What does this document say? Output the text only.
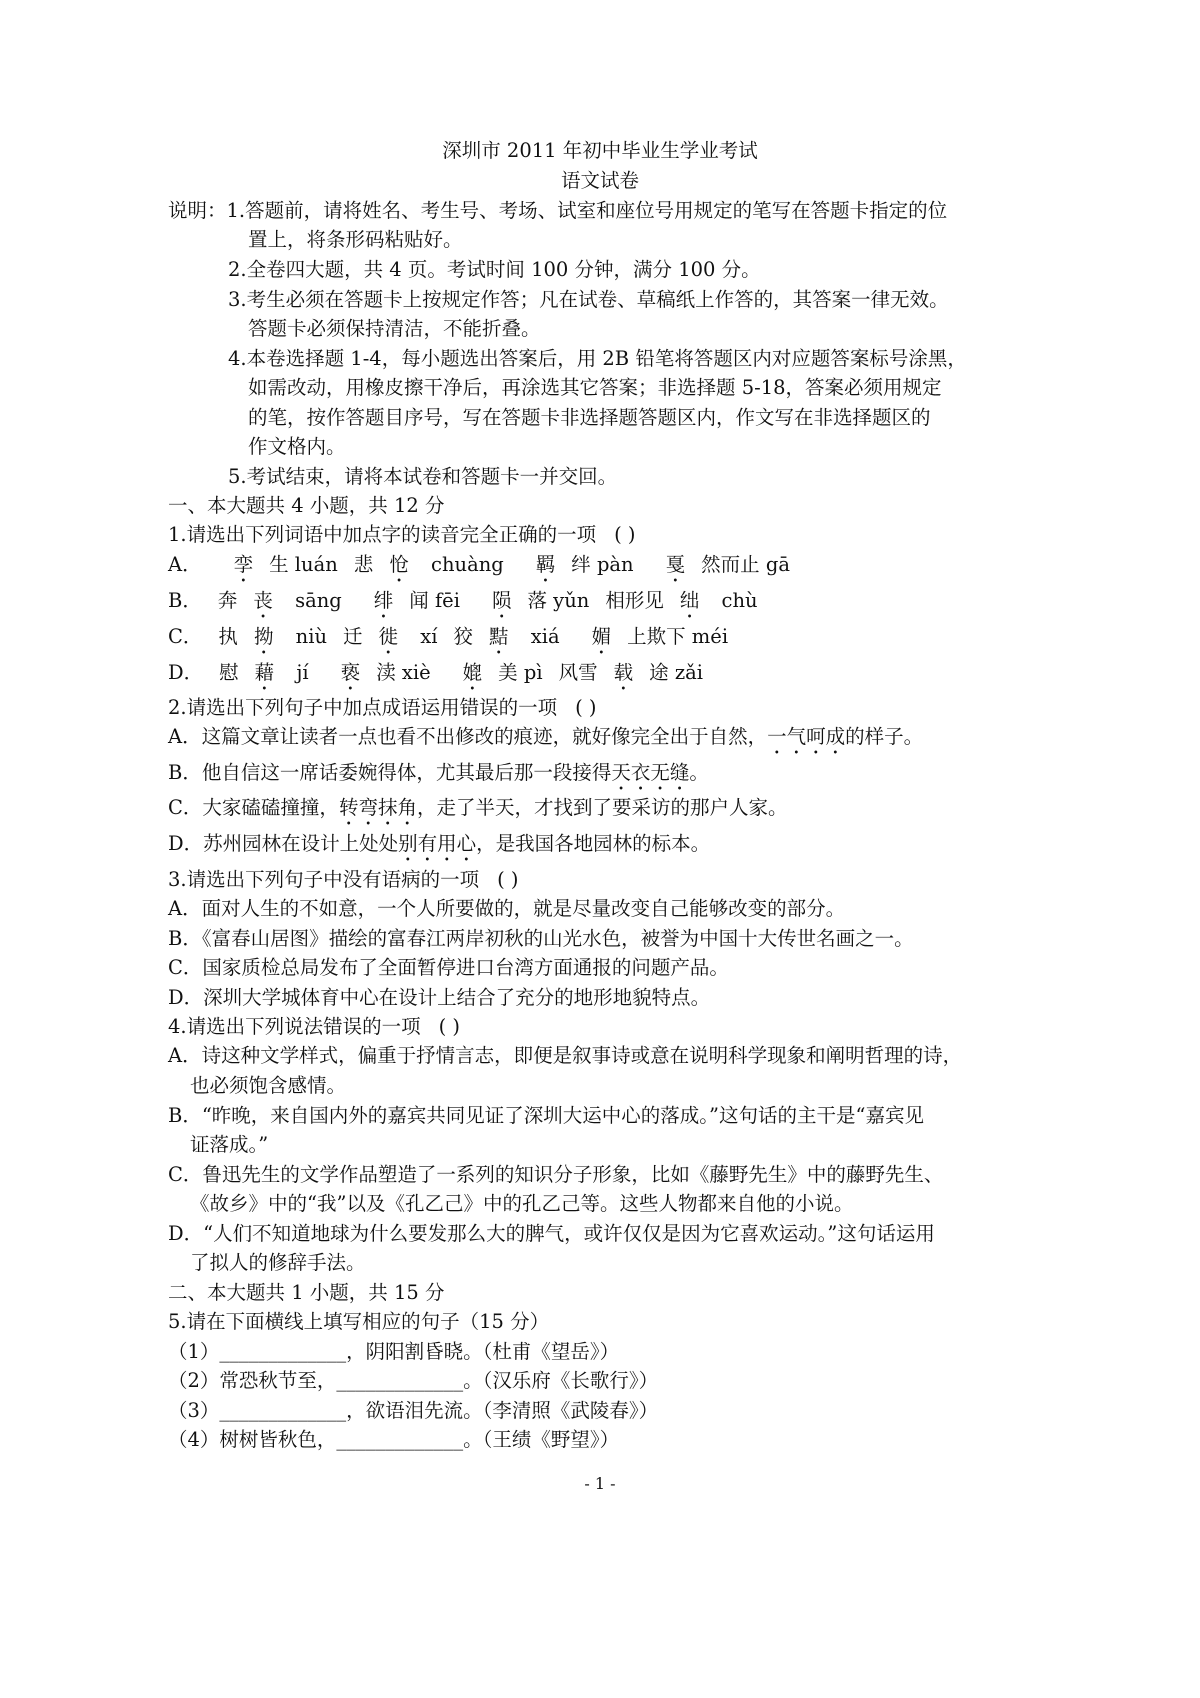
深圳市 2011 年初中毕业生学业考试
语文试卷
说明：1.答题前，请将姓名、考生号、考场、试室和座位号用规定的笔写在答题卡指定的位
置上，将条形码粘贴好。
2.全卷四大题，共 4 页。考试时间 100 分钟，满分 100 分。
3.考生必须在答题卡上按规定作答；凡在试卷、草稿纸上作答的，其答案一律无效。
答题卡必须保持清洁，不能折叠。
4.本卷选择题 1-4，每小题选出答案后，用 2B 铅笔将答题区内对应题答案标号涂黑，
如需改动，用橡皮擦干净后，再涂选其它答案；非选择题 5-18，答案必须用规定
的笔，按作答题目序号，写在答题卡非选择题答题区内，作文写在非选择题区的
作文格内。
5.考试结束，请将本试卷和答题卡一并交回。
一、本大题共 4 小题，共 12 分
1.请选出下列词语中加点字的读音完全正确的一项 ( )
A． 孪 生 luán 悲 怆 chuàng 羁 绊 pàn 戛 然而止 gā
B． 奔 丧 sāng 绯 闻 fēi 陨 落 yǔn 相形见 绌 chù
C． 执 拗 niù 迁 徙 xí 狡 黠 xiá 媚 上欺下 méi
D． 慰 藉 jí 亵 渎 xiè 媲 美 pì 风雪 载 途 zǎi
2.请选出下列句子中加点成语运用错误的一项 ( )
A．这篇文章让读者一点也看不出修改的痕迹，就好像完全出于自然，一气呵成的样子。
B．他自信这一席话委婉得体，尤其最后那一段接得天衣无缝。
C．大家磕磕撞撞，转弯抹角，走了半天，才找到了要采访的那户人家。
D．苏州园林在设计上处处别有用心，是我国各地园林的标本。
3.请选出下列句子中没有语病的一项 ( )
A．面对人生的不如意，一个人所要做的，就是尽量改变自己能够改变的部分。
B．《富春山居图》描绘的富春江两岸初秋的山光水色，被誉为中国十大传世名画之一。
C．国家质检总局发布了全面暂停进口台湾方面通报的问题产品。
D．深圳大学城体育中心在设计上结合了充分的地形地貌特点。
4.请选出下列说法错误的一项 ( )
A．诗这种文学样式，偏重于抒情言志，即便是叙事诗或意在说明科学现象和阐明哲理的诗，
也必须饱含感情。
B．“昨晚，来自国内外的嘉宾共同见证了深圳大运中心的落成。”这句话的主干是“嘉宾见
证落成。”
C．鲁迅先生的文学作品塑造了一系列的知识分子形象，比如《藤野先生》中的藤野先生、
《故乡》中的“我”以及《孔乙己》中的孔乙己等。这些人物都来自他的小说。
D．“人们不知道地球为什么要发那么大的脾气，或许仅仅是因为它喜欢运动。”这句话运用
了拟人的修辞手法。
二、本大题共 1 小题，共 15 分
5.请在下面横线上填写相应的句子（15 分）
（1）_____________，阴阳割昏晓。（杜甫《望岳》）
（2）常恐秋节至，_____________。（汉乐府《长歌行》）
（3）_____________，欲语泪先流。（李清照《武陵春》）
（4）树树皆秋色，_____________。（王绩《野望》）
- 1 -
